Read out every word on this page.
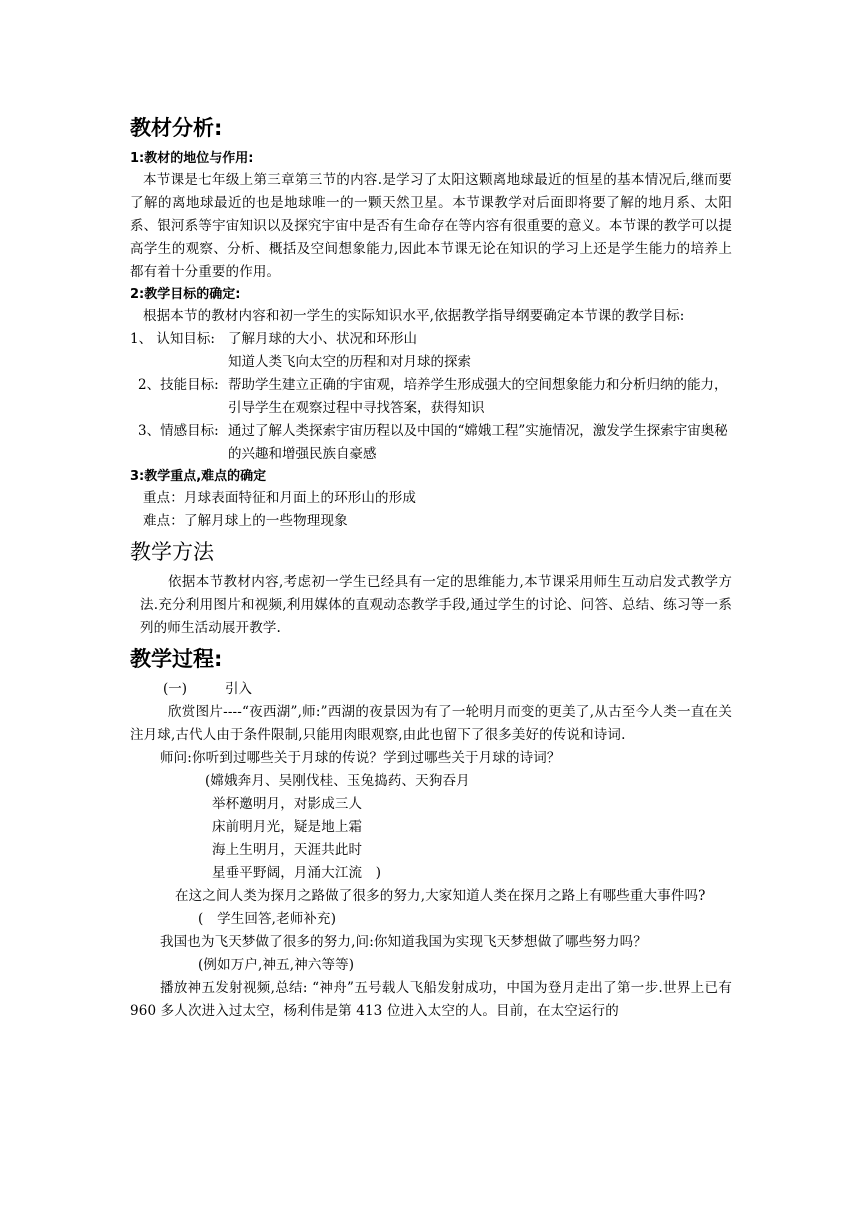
教材分析:
1:教材的地位与作用:

本节课是七年级上第三章第三节的内容.是学习了太阳这颗离地球最近的恒星的基本情况后,继而要了解的离地球最近的也是地球唯一的一颗天然卫星。本节课教学对后面即将要了解的地月系、太阳系、银河系等宇宙知识以及探究宇宙中是否有生命存在等内容有很重要的意义。本节课的教学可以提高学生的观察、分析、概括及空间想象能力,因此本节课无论在知识的学习上还是学生能力的培养上都有着十分重要的作用。

2:教学目标的确定:

根据本节的教材内容和初一学生的实际知识水平,依据教学指导纲要确定本节课的教学目标:

1、 认知目标: 了解月球的大小、状况和环形山
知道人类飞向太空的历程和对月球的探索
2、技能目标: 帮助学生建立正确的宇宙观，培养学生形成强大的空间想象能力和分析归纳的能力，引导学生在观察过程中寻找答案，获得知识
3、情感目标: 通过了解人类探索宇宙历程以及中国的“嫦娥工程”实施情况，激发学生探索宇宙奥秘的兴趣和增强民族自豪感
3:教学重点,难点的确定

重点：月球表面特征和月面上的环形山的形成

难点：了解月球上的一些物理现象

教学方法

依据本节教材内容,考虑初一学生已经具有一定的思维能力,本节课采用师生互动启发式教学方法.充分利用图片和视频,利用媒体的直观动态教学手段,通过学生的讨论、问答、总结、练习等一系列的师生活动展开教学.

教学过程:
(一)	引入

欣赏图片----“夜西湖”,师:”西湖的夜景因为有了一轮明月而变的更美了,从古至今人类一直在关注月球,古代人由于条件限制,只能用肉眼观察,由此也留下了很多美好的传说和诗词.

师问:你听到过哪些关于月球的传说？学到过哪些关于月球的诗词？

(嫦娥奔月、吴刚伐桂、玉兔捣药、天狗吞月

举杯邀明月，对影成三人

床前明月光，疑是地上霜

海上生明月，天涯共此时

星垂平野阔，月涌大江流　)

在这之间人类为探月之路做了很多的努力,大家知道人类在探月之路上有哪些重大事件吗?

(　学生回答,老师补充)

我国也为飞天梦做了很多的努力,问:你知道我国为实现飞天梦想做了哪些努力吗？

(例如万户,神五,神六等等)

播放神五发射视频,总结: “神舟”五号载人飞船发射成功，中国为登月走出了第一步.世界上已有 960 多人次进入过太空，杨利伟是第 413 位进入太空的人。目前，在太空运行的
